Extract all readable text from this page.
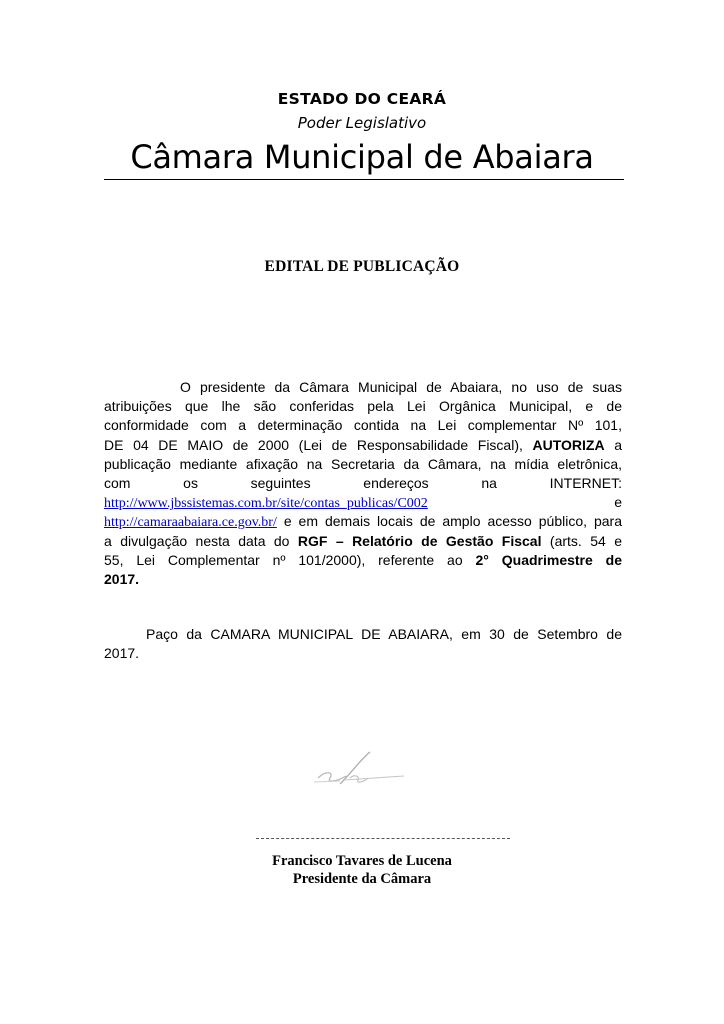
ESTADO DO CEARÁ
Poder Legislativo
Câmara Municipal de Abaiara
EDITAL DE PUBLICAÇÃO
O presidente da Câmara Municipal de Abaiara, no uso de suas
atribuições que lhe são conferidas pela Lei Orgânica Municipal, e de
conformidade com a determinação contida na Lei complementar Nº 101,
DE 04 DE MAIO de 2000 (Lei de Responsabilidade Fiscal), AUTORIZA a
publicação mediante afixação na Secretaria da Câmara, na mídia eletrônica,
com os seguintes endereços na INTERNET:
http://www.jbssistemas.com.br/site/contas_publicas/C002	e
http://camaraabaiara.ce.gov.br/ e em demais locais de amplo acesso público, para
a divulgação nesta data do RGF – Relatório de Gestão Fiscal (arts. 54 e
55, Lei Complementar nº 101/2000), referente ao 2° Quadrimestre de
2017.
Paço da CAMARA MUNICIPAL DE ABAIARA, em 30 de Setembro de
2017.
Francisco Tavares de Lucena
Presidente da Câmara
